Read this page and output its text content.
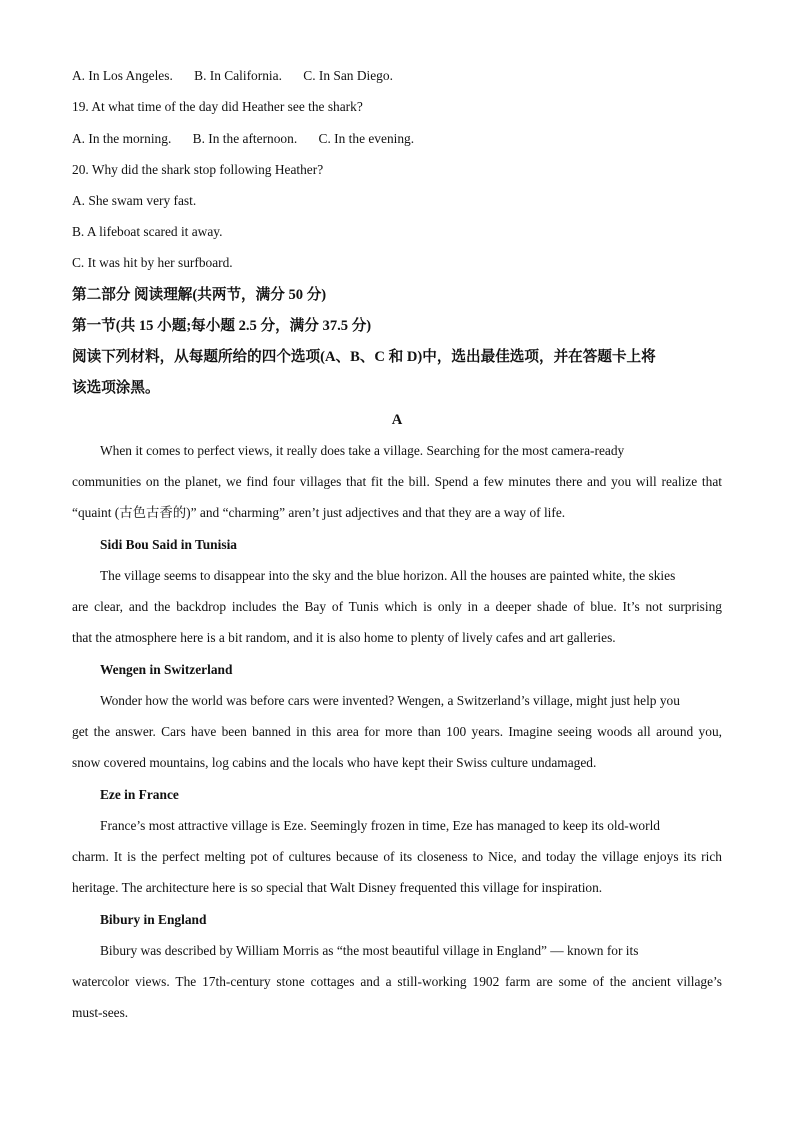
A. In Los Angeles. B. In California. C. In San Diego.
19. At what time of the day did Heather see the shark?
A. In the morning. B. In the afternoon. C. In the evening.
20. Why did the shark stop following Heather?
A. She swam very fast.
B. A lifeboat scared it away.
C. It was hit by her surfboard.
第二部分 阅读理解(共两节，满分 50 分)
第一节(共 15 小题;每小题 2.5 分，满分 37.5 分)
阅读下列材料，从每题所给的四个选项(A、B、C 和 D)中，选出最佳选项，并在答题卡上将
该选项涂黑。
A
When it comes to perfect views, it really does take a village. Searching for the most camera-ready
communities on the planet, we find four villages that fit the bill. Spend a few minutes there and you will realize that
“quaint (古色古香的)” and “charming” aren’t just adjectives and that they are a way of life.
Sidi Bou Said in Tunisia
The village seems to disappear into the sky and the blue horizon. All the houses are painted white, the skies
are clear, and the backdrop includes the Bay of Tunis which is only in a deeper shade of blue. It’s not surprising
that the atmosphere here is a bit random, and it is also home to plenty of lively cafes and art galleries.
Wengen in Switzerland
Wonder how the world was before cars were invented? Wengen, a Switzerland’s village, might just help you
get the answer. Cars have been banned in this area for more than 100 years. Imagine seeing woods all around you,
snow covered mountains, log cabins and the locals who have kept their Swiss culture undamaged.
Eze in France
France’s most attractive village is Eze. Seemingly frozen in time, Eze has managed to keep its old-world
charm. It is the perfect melting pot of cultures because of its closeness to Nice, and today the village enjoys its rich
heritage. The architecture here is so special that Walt Disney frequented this village for inspiration.
Bibury in England
Bibury was described by William Morris as “the most beautiful village in England” — known for its
watercolor views. The 17th-century stone cottages and a still-working 1902 farm are some of the ancient village’s
must-sees.
